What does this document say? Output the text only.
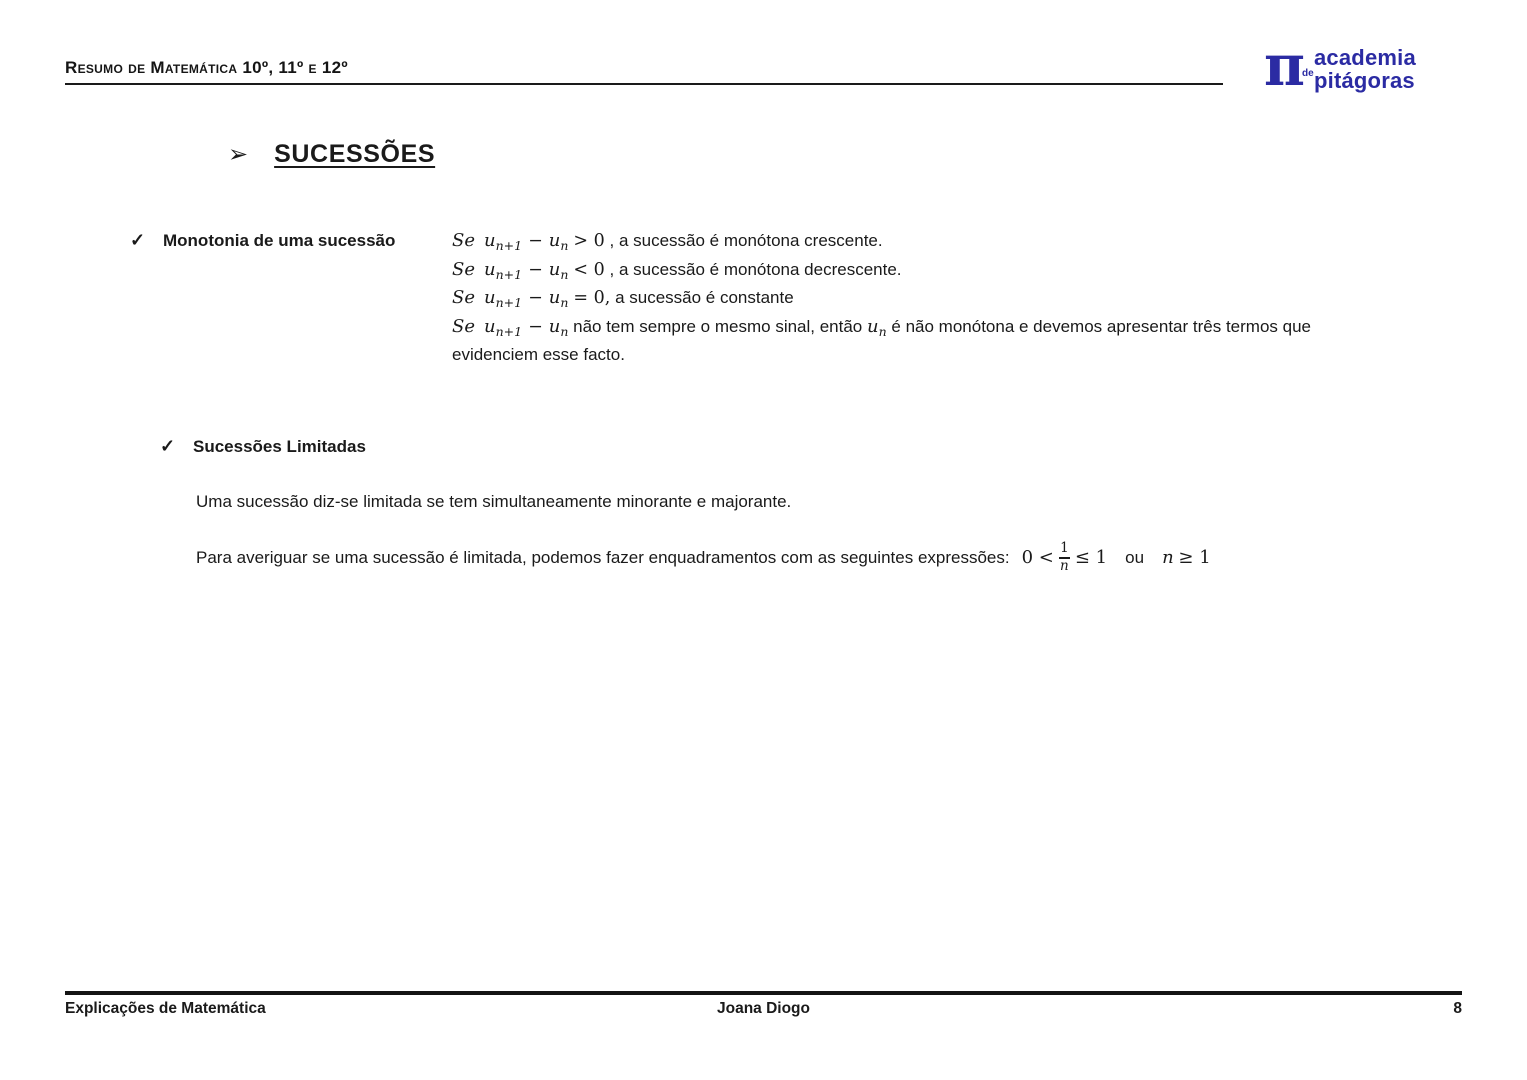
Resumo de Matemática 10º, 11º e 12º	π
de
academia
pitágoras
➢ SUCESSÕES
✓ Monotonia de uma sucessão	Se $u_{n+1} - u_n > 0$ , a sucessão é monótona crescente.
Se $u_{n+1} - u_n < 0$ , a sucessão é monótona decrescente.
Se $u_{n+1} - u_n = 0$, a sucessão é constante
Se $u_{n+1} - u_n$ não tem sempre o mesmo sinal, então $u_n$ é não monótona e devemos apresentar três termos que evidenciem esse facto.
✓ Sucessões Limitadas
Uma sucessão diz-se limitada se tem simultaneamente minorante e majorante.
Para averiguar se uma sucessão é limitada, podemos fazer enquadramentos com as seguintes expressões: $0 < \frac{1}{n} \le 1$ ou n
≥ 1
Explicações de Matemática	Joana Diogo	8
